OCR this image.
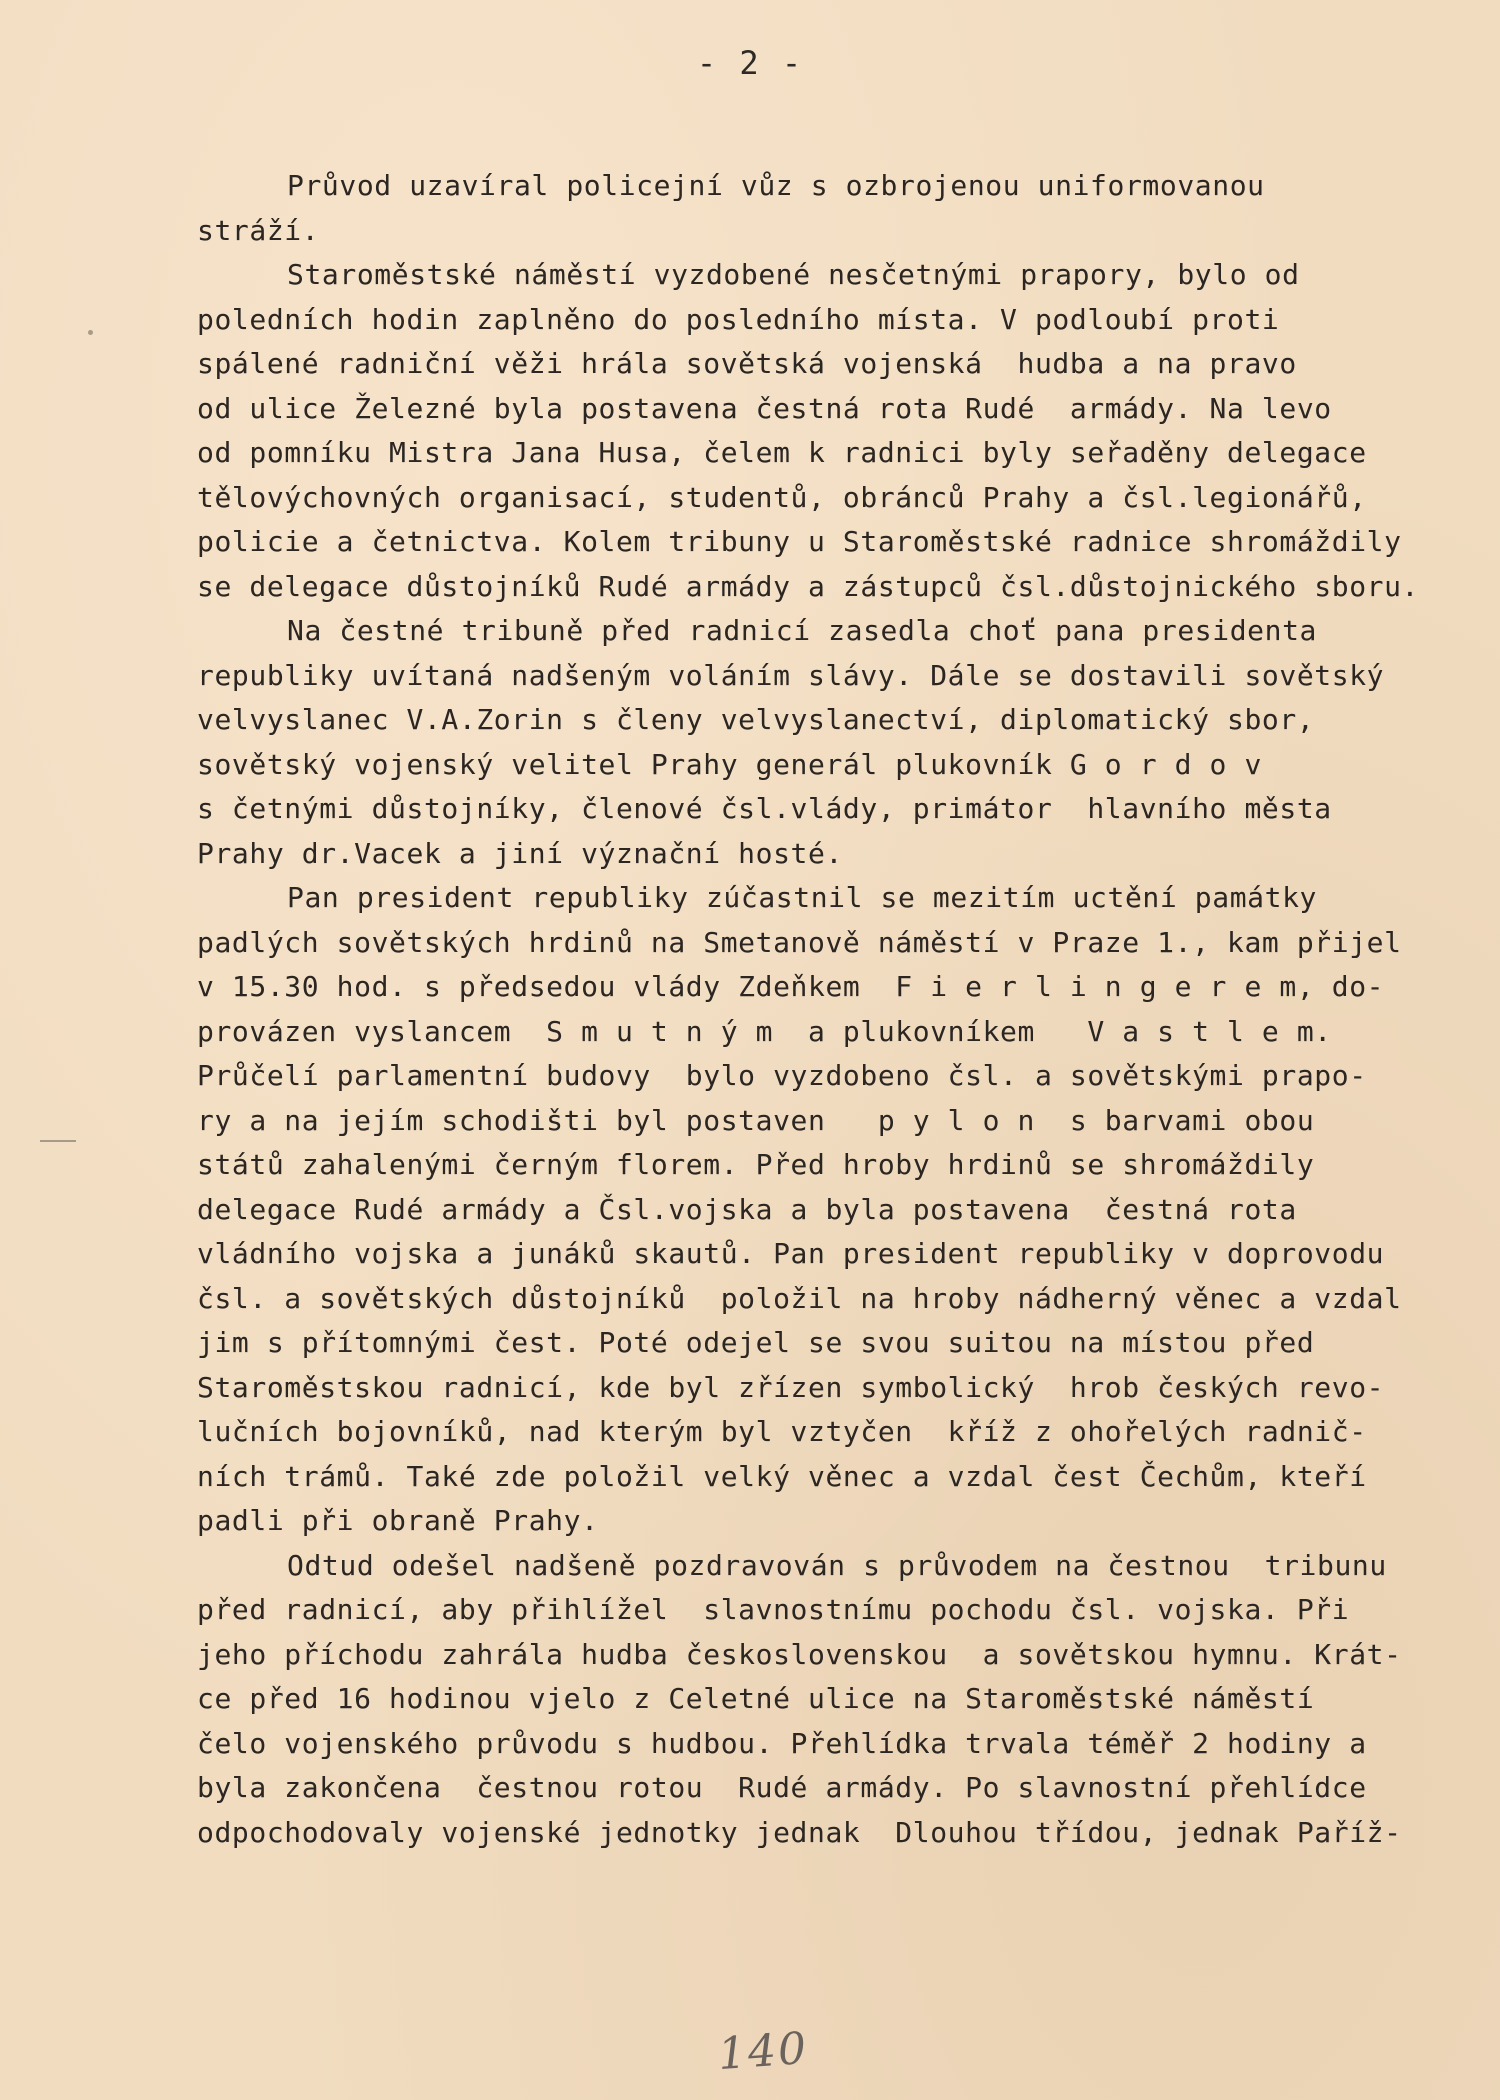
- 2 -
Průvod uzavíral policejní vůz s ozbrojenou uniformovanou
stráží.
Staroměstské náměstí vyzdobené nesčetnými prapory, bylo od
poledních hodin zaplněno do posledního místa. V podloubí proti
spálené radniční věži hrála sovětská vojenská  hudba a na pravo
od ulice Železné byla postavena čestná rota Rudé  armády. Na levo
od pomníku Mistra Jana Husa, čelem k radnici byly seřaděny delegace
tělovýchovných organisací, studentů, obránců Prahy a čsl.legionářů,
policie a četnictva. Kolem tribuny u Staroměstské radnice shromáždily
se delegace důstojníků Rudé armády a zástupců čsl.důstojnického sboru.
Na čestné tribuně před radnicí zasedla choť pana presidenta
republiky uvítaná nadšeným voláním slávy. Dále se dostavili sovětský
velvyslanec V.A.Zorin s členy velvyslanectví, diplomatický sbor,
sovětský vojenský velitel Prahy generál plukovník G o r d o v
s četnými důstojníky, členové čsl.vlády, primátor  hlavního města
Prahy dr.Vacek a jiní význační hosté.
Pan president republiky zúčastnil se mezitím uctění památky
padlých sovětských hrdinů na Smetanově náměstí v Praze 1., kam přijel
v 15.30 hod. s předsedou vlády Zdeňkem  F i e r l i n g e r e m, do-
provázen vyslancem  S m u t n ý m  a plukovníkem   V a s t l e m.
Průčelí parlamentní budovy  bylo vyzdobeno čsl. a sovětskými prapo-
ry a na jejím schodišti byl postaven   p y l o n  s barvami obou
států zahalenými černým florem. Před hroby hrdinů se shromáždily
delegace Rudé armády a Čsl.vojska a byla postavena  čestná rota
vládního vojska a junáků skautů. Pan president republiky v doprovodu
čsl. a sovětských důstojníků  položil na hroby nádherný věnec a vzdal
jim s přítomnými čest. Poté odejel se svou suitou na místou před
Staroměstskou radnicí, kde byl zřízen symbolický  hrob českých revo-
lučních bojovníků, nad kterým byl vztyčen  kříž z ohořelých radnič-
ních trámů. Také zde položil velký věnec a vzdal čest Čechům, kteří
padli při obraně Prahy.
Odtud odešel nadšeně pozdravován s průvodem na čestnou  tribunu
před radnicí, aby přihlížel  slavnostnímu pochodu čsl. vojska. Při
jeho příchodu zahrála hudba československou  a sovětskou hymnu. Krát-
ce před 16 hodinou vjelo z Celetné ulice na Staroměstské náměstí
čelo vojenského průvodu s hudbou. Přehlídka trvala téměř 2 hodiny a
byla zakončena  čestnou rotou  Rudé armády. Po slavnostní přehlídce
odpochodovaly vojenské jednotky jednak  Dlouhou třídou, jednak Paříž-
140
